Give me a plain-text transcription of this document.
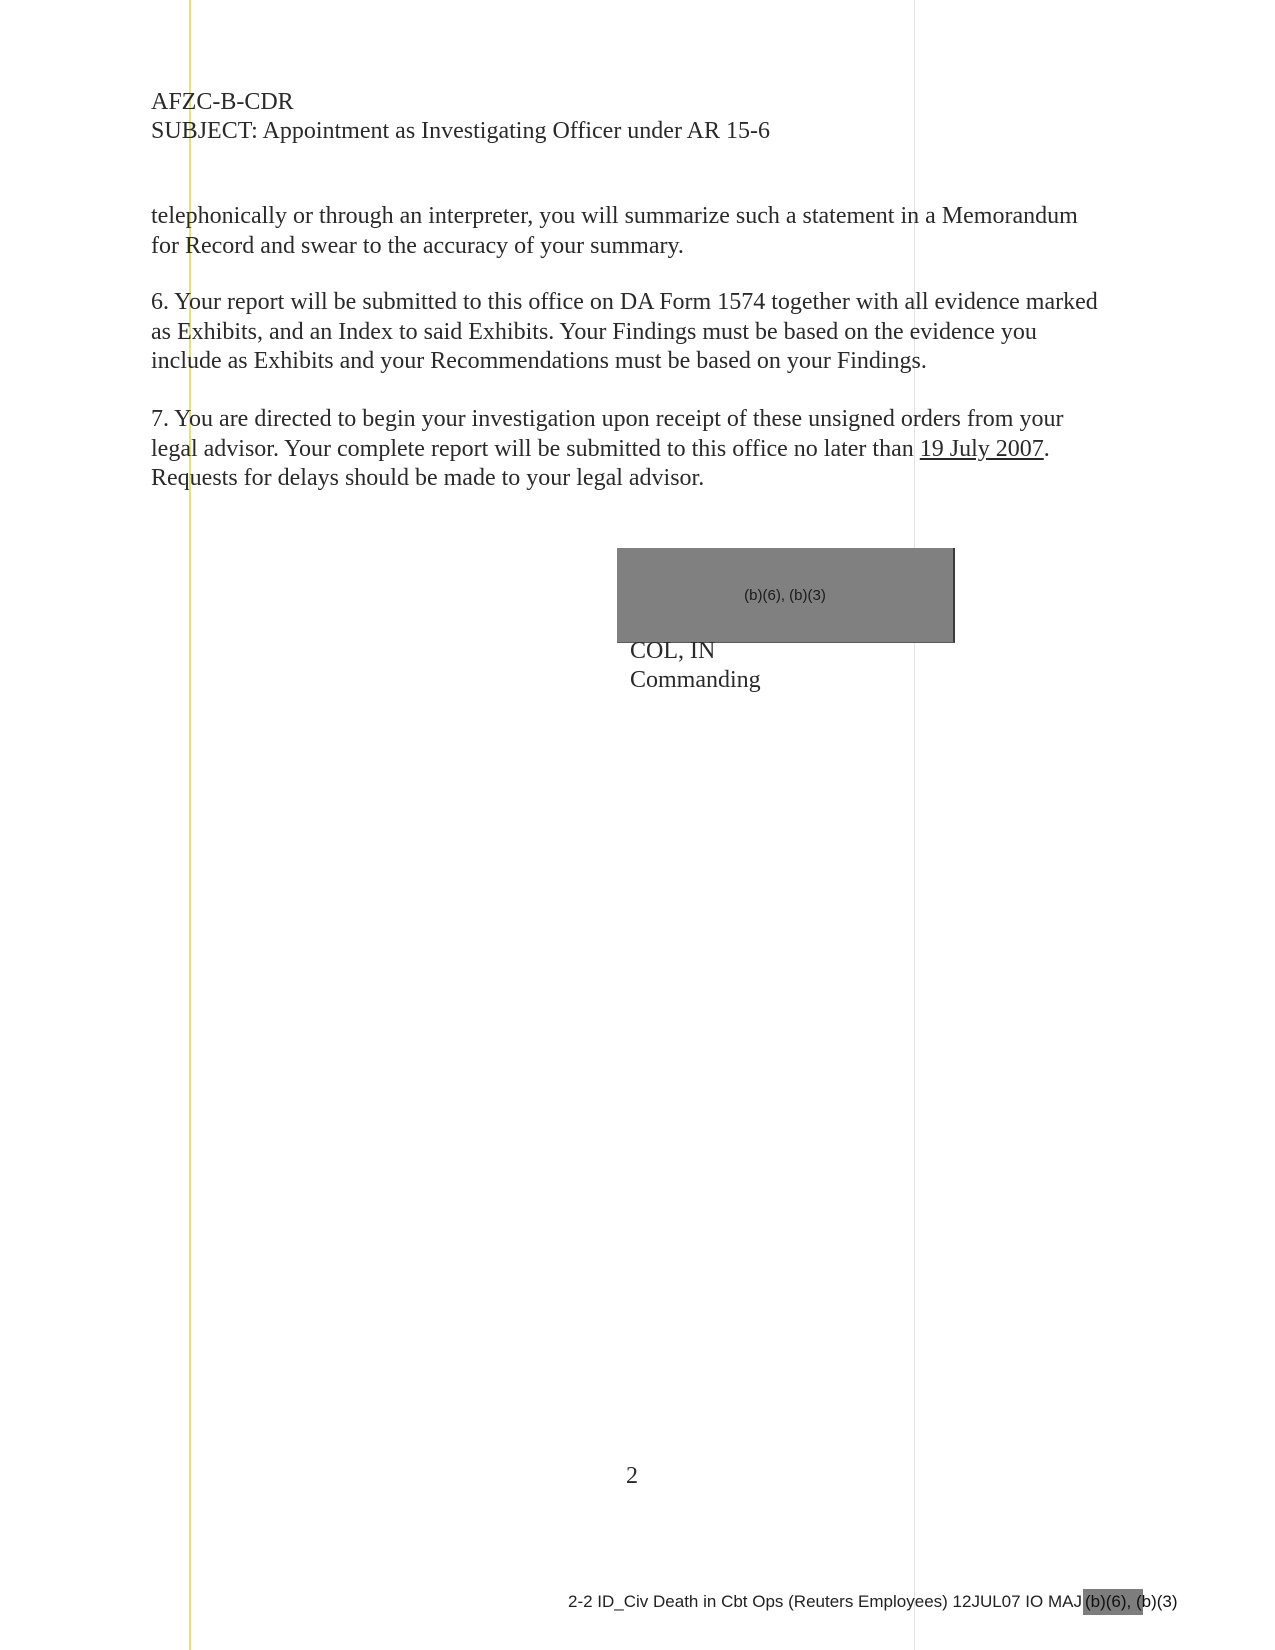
AFZC-B-CDR
SUBJECT: Appointment as Investigating Officer under AR 15-6

telephonically or through an interpreter, you will summarize such a statement in a Memorandum for Record and swear to the accuracy of your summary.

6. Your report will be submitted to this office on DA Form 1574 together with all evidence marked as Exhibits, and an Index to said Exhibits. Your Findings must be based on the evidence you include as Exhibits and your Recommendations must be based on your Findings.

7. You are directed to begin your investigation upon receipt of these unsigned orders from your legal advisor. Your complete report will be submitted to this office no later than 19 July 2007. Requests for delays should be made to your legal advisor.

(b)(6), (b)(3)
COL, IN
Commanding
2
2-2 ID_Civ Death in Cbt Ops (Reuters Employees) 12JUL07 IO MAJ (b)(6), (b)(3)
